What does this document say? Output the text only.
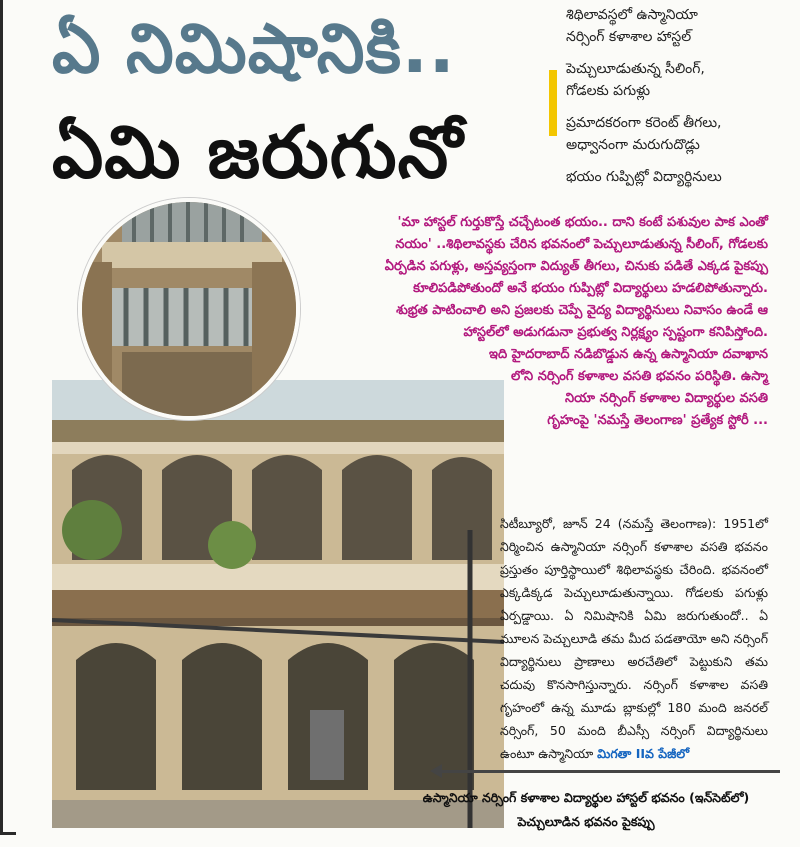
ఏ నిమిషానికి..
ఏమి జరుగునో
శిథిలావస్థలో ఉస్మానియా
నర్సింగ్ కళాశాల హాస్టల్
పెచ్చులూడుతున్న సీలింగ్,
గోడలకు పగుళ్లు
ప్రమాదకరంగా కరెంట్ తీగలు,
అధ్వానంగా మరుగుదొడ్లు
భయం గుప్పిట్లో విద్యార్థినులు

'మా హాస్టల్ గుర్తుకొస్తే చచ్చేటంత భయం.. దాని కంటే పశువుల పాక ఎంతో

నయం' ..శిథిలావస్థకు చేరిన భవనంలో పెచ్చులూడుతున్న సీలింగ్, గోడలకు

ఏర్పడిన పగుళ్లు, అస్తవ్యస్తంగా విద్యుత్ తీగలు, చినుకు పడితే ఎక్కడ పైకప్పు

కూలిపడిపోతుందో అనే భయం గుప్పిట్లో విద్యార్థులు హడలిపోతున్నారు.

శుభ్రత పాటించాలి అని ప్రజలకు చెప్పే వైద్య విద్యార్థినులు నివాసం ఉండే ఆ

హాస్టల్‌లో అడుగడునా ప్రభుత్వ నిర్లక్ష్యం స్పష్టంగా కనిపిస్తోంది.

ఇది హైదరాబాద్ నడిబొడ్డున ఉన్న ఉస్మానియా దవాఖాన

లోని నర్సింగ్ కళాశాల వసతి భవనం పరిస్థితి. ఉస్మా

నియా నర్సింగ్ కళాశాల విద్యార్థుల వసతి

గృహంపై 'నమస్తే తెలంగాణ' ప్రత్యేక స్టోరీ ...

సిటీబ్యూరో, జూన్ 24 (నమస్తే తెలంగాణ): 1951లో నిర్మించిన ఉస్మానియా నర్సింగ్ కళాశాల వసతి భవనం ప్రస్తుతం పూర్తిస్థాయిలో శిథిలావస్థకు చేరింది. భవనంలో ఎక్కడిక్కడ పెచ్చులూడుతున్నాయి. గోడలకు పగుళ్లు ఏర్పడ్డాయి. ఏ నిమిషానికి ఏమి జరుగుతుందో.. ఏ మూలన పెచ్చులూడి తమ మీద పడతాయో అని నర్సింగ్ విద్యార్థినులు ప్రాణాలు అరచేతిలో పెట్టుకుని తమ చదువు కొనసాగిస్తున్నారు. నర్సింగ్ కళాశాల వసతి గృహంలో ఉన్న మూడు బ్లాకుల్లో 180 మంది జనరల్ నర్సింగ్, 50 మంది బీఎస్సీ నర్సింగ్ విద్యార్థినులు ఉంటూ ఉస్మానియా మిగతా IIవ పేజీలో

ఉస్మానియా నర్సింగ్ కళాశాల విద్యార్థుల హాస్టల్ భవనం (ఇన్‌సెట్‌లో)

పెచ్చులూడిన భవనం పైకప్పు
